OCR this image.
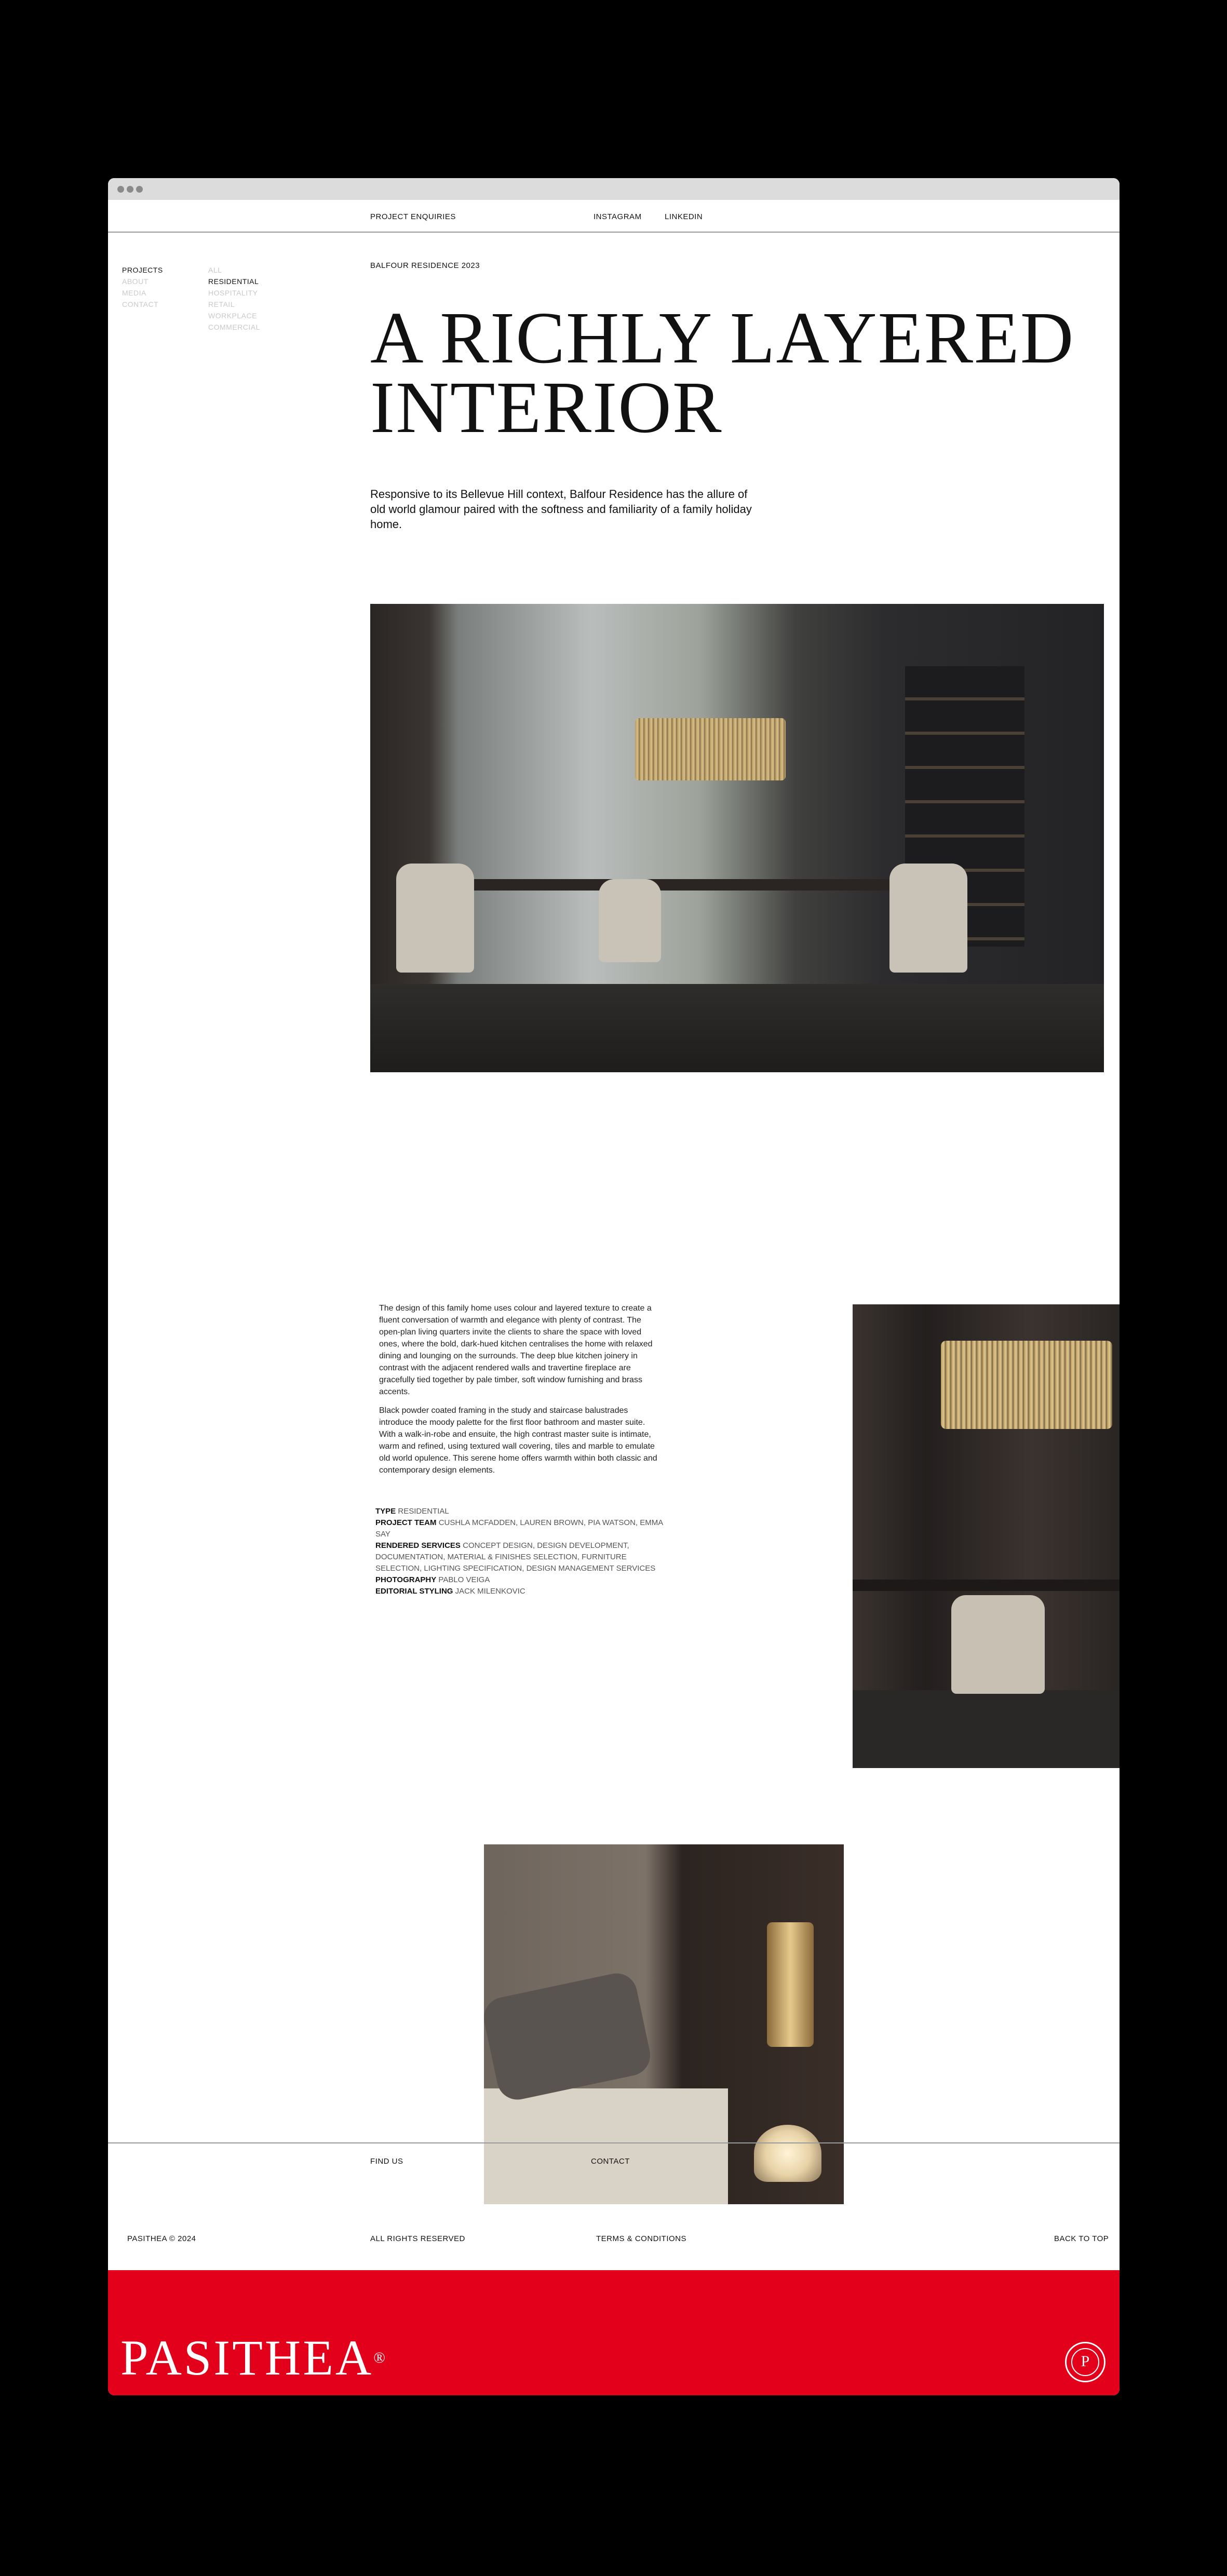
PROJECT ENQUIRIES	INSTAGRAM	LINKEDIN
PROJECTS
ABOUT
MEDIA
CONTACT
ALL
RESIDENTIAL
HOSPITALITY
RETAIL
WORKPLACE
COMMERCIAL
BALFOUR RESIDENCE 2023
A RICHLY LAYERED
INTERIOR

Responsive to its Bellevue Hill context, Balfour Residence has the allure of old world glamour paired with the softness and familiarity of a family holiday home.

The design of this family home uses colour and layered texture to create a fluent conversation of warmth and elegance with plenty of contrast. The open-plan living quarters invite the clients to share the space with loved ones, where the bold, dark-hued kitchen centralises the home with relaxed dining and lounging on the surrounds. The deep blue kitchen joinery in contrast with the adjacent rendered walls and travertine fireplace are gracefully tied together by pale timber, soft window furnishing and brass accents.

Black powder coated framing in the study and staircase balustrades introduce the moody palette for the first floor bathroom and master suite. With a walk-in-robe and ensuite, the high contrast master suite is intimate, warm and refined, using textured wall covering, tiles and marble to emulate old world opulence. This serene home offers warmth within both classic and contemporary design elements.

TYPE RESIDENTIAL
PROJECT TEAM CUSHLA MCFADDEN, LAUREN BROWN, PIA WATSON, EMMA SAY
RENDERED SERVICES CONCEPT DESIGN, DESIGN DEVELOPMENT, DOCUMENTATION, MATERIAL & FINISHES SELECTION, FURNITURE SELECTION, LIGHTING SPECIFICATION, DESIGN MANAGEMENT SERVICES
PHOTOGRAPHY PABLO VEIGA
EDITORIAL STYLING JACK MILENKOVIC
FIND US	CONTACT
PASITHEA © 2024	ALL RIGHTS RESERVED	TERMS & CONDITIONS	BACK TO TOP
PASITHEA®	P
